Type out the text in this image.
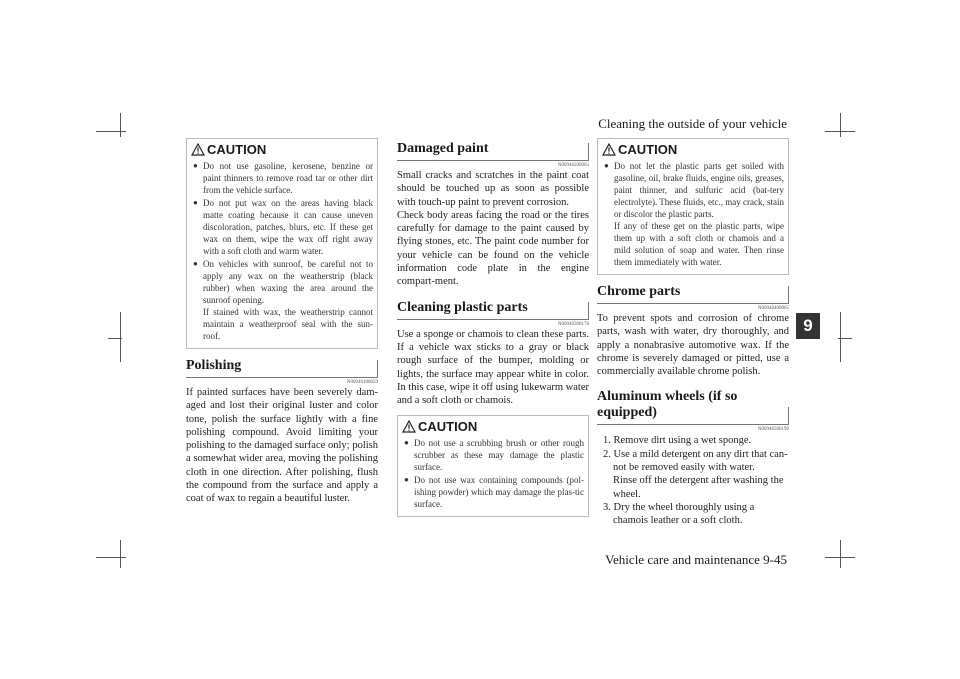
Cleaning the outside of your vehicle
9
Vehicle care and maintenance 9-45
CAUTION
● Do not use gasoline, kerosene, benzine or paint thinners to remove road tar or other dirt from the vehicle surface.
● Do not put wax on the areas having black matte coating because it can cause uneven discoloration, patches, blurs, etc. If these get wax on them, wipe the wax off right away with a soft cloth and warm water.
● On vehicles with sunroof, be careful not to apply any wax on the weatherstrip (black rubber) when waxing the area around the sunroof opening.
If stained with wax, the weatherstrip cannot maintain a weatherproof seal with the sun-roof.
Polishing
N00946100059

If painted surfaces have been severely dam-aged and lost their original luster and color tone, polish the surface lightly with a fine polishing compound. Avoid limiting your polishing to the damaged surface only; polish a somewhat wider area, moving the polishing cloth in one direction. After polishing, flush the compound from the surface and apply a coat of wax to regain a beautiful luster.

Damaged paint
N00946200063

Small cracks and scratches in the paint coat should be touched up as soon as possible with touch-up paint to prevent corrosion.

Check body areas facing the road or the tires carefully for damage to the paint caused by flying stones, etc. The paint code number for your vehicle can be found on the vehicle information code plate in the engine compart-ment.

Cleaning plastic parts
N00946300178

Use a sponge or chamois to clean these parts. If a vehicle wax sticks to a gray or black rough surface of the bumper, molding or lights, the surface may appear white in color. In this case, wipe it off using lukewarm water and a soft cloth or chamois.

CAUTION
● Do not use a scrubbing brush or other rough scrubber as these may damage the plastic surface.
● Do not use wax containing compounds (pol-ishing powder) which may damage the plas-tic surface.
CAUTION
● Do not let the plastic parts get soiled with gasoline, oil, brake fluids, engine oils, greases, paint thinner, and sulfuric acid (bat-tery electrolyte). These fluids, etc., may crack, stain or discolor the plastic parts.
If any of these get on the plastic parts, wipe them up with a soft cloth or chamois and a mild solution of soap and water. Then rinse them immediately with water.
Chrome parts
N00946400065

To prevent spots and corrosion of chrome parts, wash with water, dry thoroughly, and apply a nonabrasive automotive wax. If the chrome is severely damaged or pitted, use a commercially available chrome polish.

Aluminum wheels (if so equipped)
N00946500196
1. Remove dirt using a wet sponge.
2. Use a mild detergent on any dirt that can-not be removed easily with water.
Rinse off the detergent after washing the wheel.
3. Dry the wheel thoroughly using a chamois leather or a soft cloth.
